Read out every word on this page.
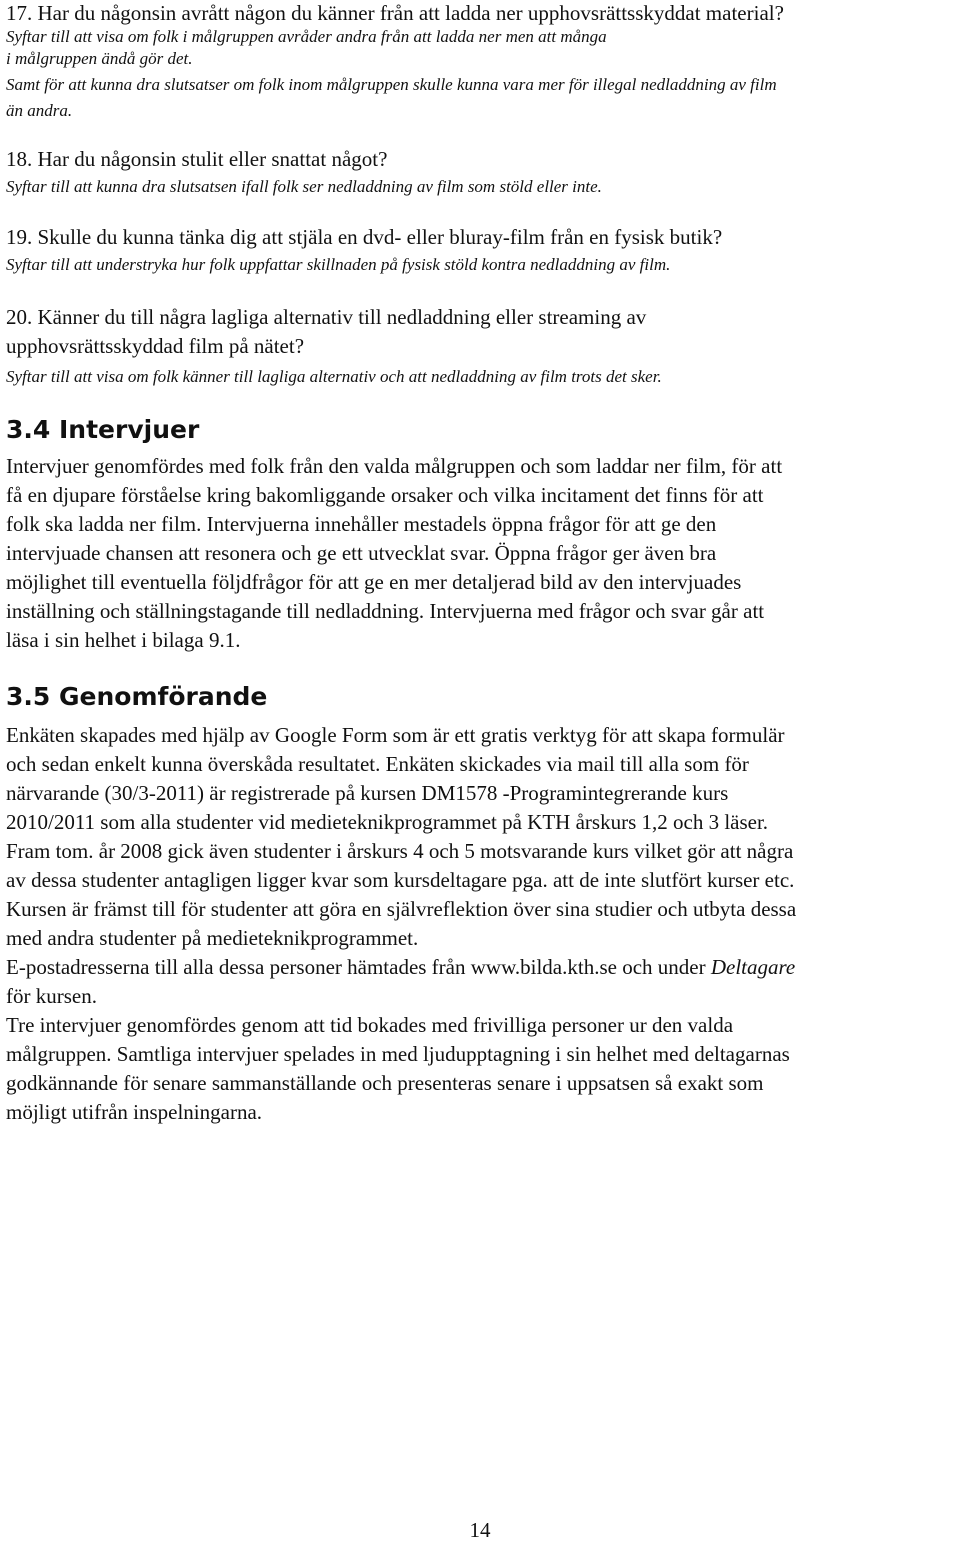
17. Har du någonsin avrått någon du känner från att ladda ner upphovsrättsskyddat material?

Syftar till att visa om folk i målgruppen avråder andra från att ladda ner men att många

i målgruppen ändå gör det.

Samt för att kunna dra slutsatser om folk inom målgruppen skulle kunna vara mer för illegal nedladdning av film

än andra.

18. Har du någonsin stulit eller snattat något?

Syftar till att kunna dra slutsatsen ifall folk ser nedladdning av film som stöld eller inte.

19. Skulle du kunna tänka dig att stjäla en dvd- eller bluray-film från en fysisk butik?

Syftar till att understryka hur folk uppfattar skillnaden på fysisk stöld kontra nedladdning av film.

20. Känner du till några lagliga alternativ till nedladdning eller streaming av

upphovsrättsskyddad film på nätet?

Syftar till att visa om folk känner till lagliga alternativ och att nedladdning av film trots det sker.

3.4 Intervjuer

Intervjuer genomfördes med folk från den valda målgruppen och som laddar ner film, för att

få en djupare förståelse kring bakomliggande orsaker och vilka incitament det finns för att

folk ska ladda ner film. Intervjuerna innehåller mestadels öppna frågor för att ge den

intervjuade chansen att resonera och ge ett utvecklat svar. Öppna frågor ger även bra

möjlighet till eventuella följdfrågor för att ge en mer detaljerad bild av den intervjuades

inställning och ställningstagande till nedladdning. Intervjuerna med frågor och svar går att

läsa i sin helhet i bilaga 9.1.

3.5 Genomförande

Enkäten skapades med hjälp av Google Form som är ett gratis verktyg för att skapa formulär

och sedan enkelt kunna överskåda resultatet. Enkäten skickades via mail till alla som för

närvarande (30/3-2011) är registrerade på kursen DM1578 -Programintegrerande kurs

2010/2011 som alla studenter vid medieteknikprogrammet på KTH årskurs 1,2 och 3 läser.

Fram tom. år 2008 gick även studenter i årskurs 4 och 5 motsvarande kurs vilket gör att några

av dessa studenter antagligen ligger kvar som kursdeltagare pga. att de inte slutfört kurser etc.

Kursen är främst till för studenter att göra en självreflektion över sina studier och utbyta dessa

med andra studenter på medieteknikprogrammet.

E-postadresserna till alla dessa personer hämtades från www.bilda.kth.se och under Deltagare

för kursen.

Tre intervjuer genomfördes genom att tid bokades med frivilliga personer ur den valda

målgruppen. Samtliga intervjuer spelades in med ljudupptagning i sin helhet med deltagarnas

godkännande för senare sammanställande och presenteras senare i uppsatsen så exakt som

möjligt utifrån inspelningarna.

14
